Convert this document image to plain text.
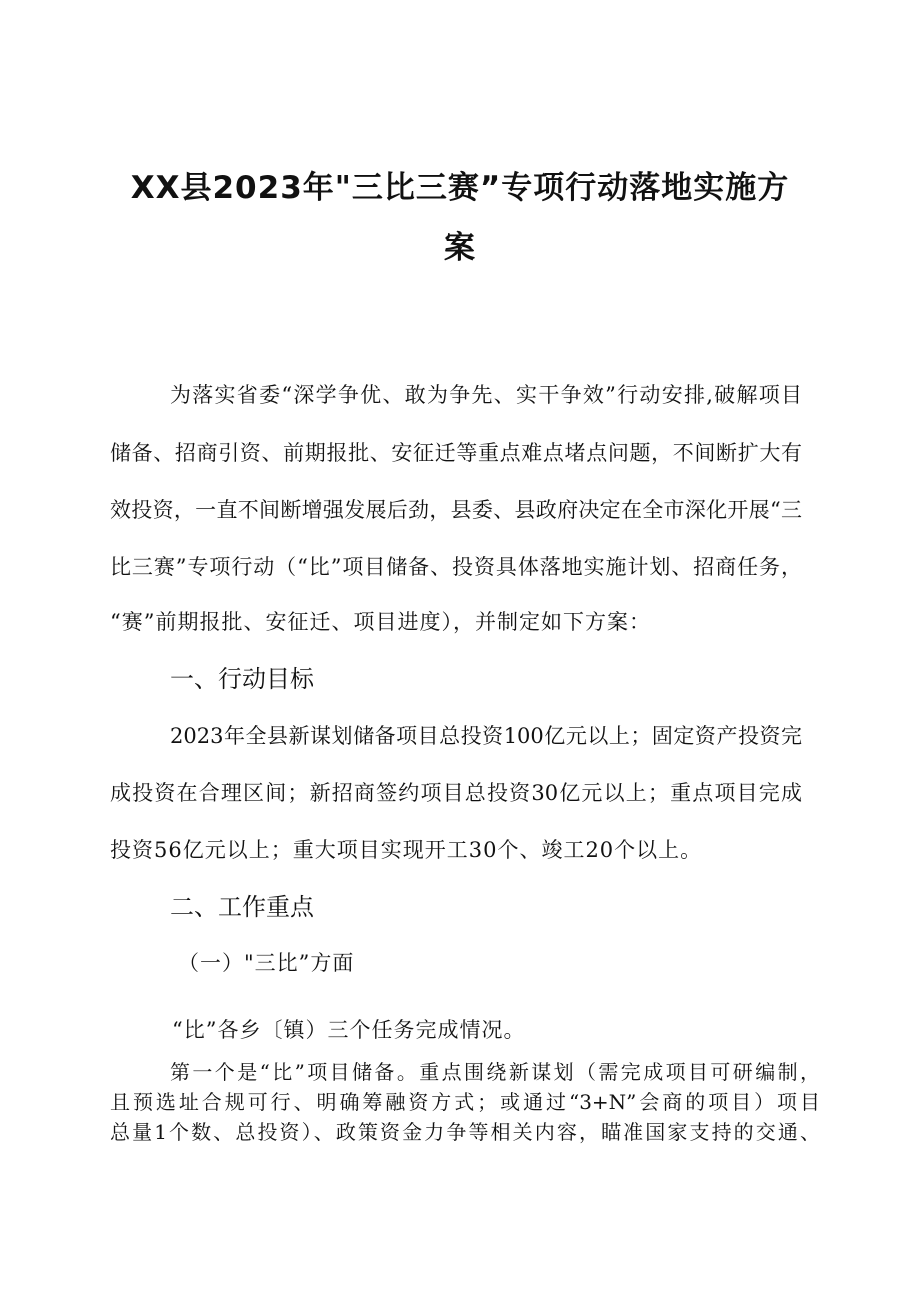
XX县2023年"三比三赛”专项行动落地实施方
案
为落实省委“深学争优、敢为争先、实干争效”行动安排,破解项目
储备、招商引资、前期报批、安征迁等重点难点堵点问题，不间断扩大有
效投资，一直不间断增强发展后劲，县委、县政府决定在全市深化开展“三
比三赛”专项行动（“比”项目储备、投资具体落地实施计划、招商任务，
“赛”前期报批、安征迁、项目进度），并制定如下方案：
一、行动目标
2023年全县新谋划储备项目总投资100亿元以上；固定资产投资完
成投资在合理区间；新招商签约项目总投资30亿元以上；重点项目完成
投资56亿元以上；重大项目实现开工30个、竣工20个以上。
二、工作重点
（一）"三比”方面
“比”各乡〔镇）三个任务完成情况。
第一个是“比”项目储备。重点围绕新谋划（需完成项目可研编制，
且预选址合规可行、明确筹融资方式；或通过“3+N”会商的项目）项目
总量1个数、总投资）、政策资金力争等相关内容，瞄准国家支持的交通、
